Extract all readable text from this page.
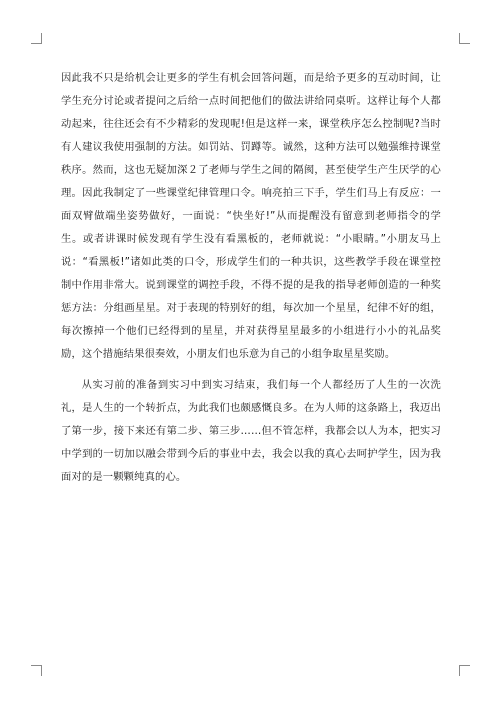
因此我不只是给机会让更多的学生有机会回答问题，而是给予更多的互动时间，让学生充分讨论或者提问之后给一点时间把他们的做法讲给同桌听。这样让每个人都动起来，往往还会有不少精彩的发现呢!但是这样一来，课堂秩序怎么控制呢?当时有人建议我使用强制的方法。如罚站、罚蹲等。诚然，这种方法可以勉强维持课堂秩序。然而，这也无疑加深２了老师与学生之间的隔阂，甚至使学生产生厌学的心理。因此我制定了一些课堂纪律管理口令。响亮拍三下手，学生们马上有反应：一面双臂做端坐姿势做好，一面说：“快坐好!”从而提醒没有留意到老师指令的学生。或者讲课时候发现有学生没有看黑板的，老师就说：“小眼睛。”小朋友马上说：“看黑板!”诸如此类的口令，形成学生们的一种共识，这些教学手段在课堂控制中作用非常大。说到课堂的调控手段，不得不提的是我的指导老师创造的一种奖惩方法：分组画星星。对于表现的特别好的组，每次加一个星星，纪律不好的组，每次擦掉一个他们已经得到的星星，并对获得星星最多的小组进行小小的礼品奖励，这个措施结果很奏效，小朋友们也乐意为自己的小组争取星星奖励。

从实习前的准备到实习中到实习结束，我们每一个人都经历了人生的一次洗礼，是人生的一个转折点，为此我们也颇感慨良多。在为人师的这条路上，我迈出了第一步，接下来还有第二步、第三步……但不管怎样，我都会以人为本，把实习中学到的一切加以融会带到今后的事业中去，我会以我的真心去呵护学生，因为我面对的是一颗颗纯真的心。
